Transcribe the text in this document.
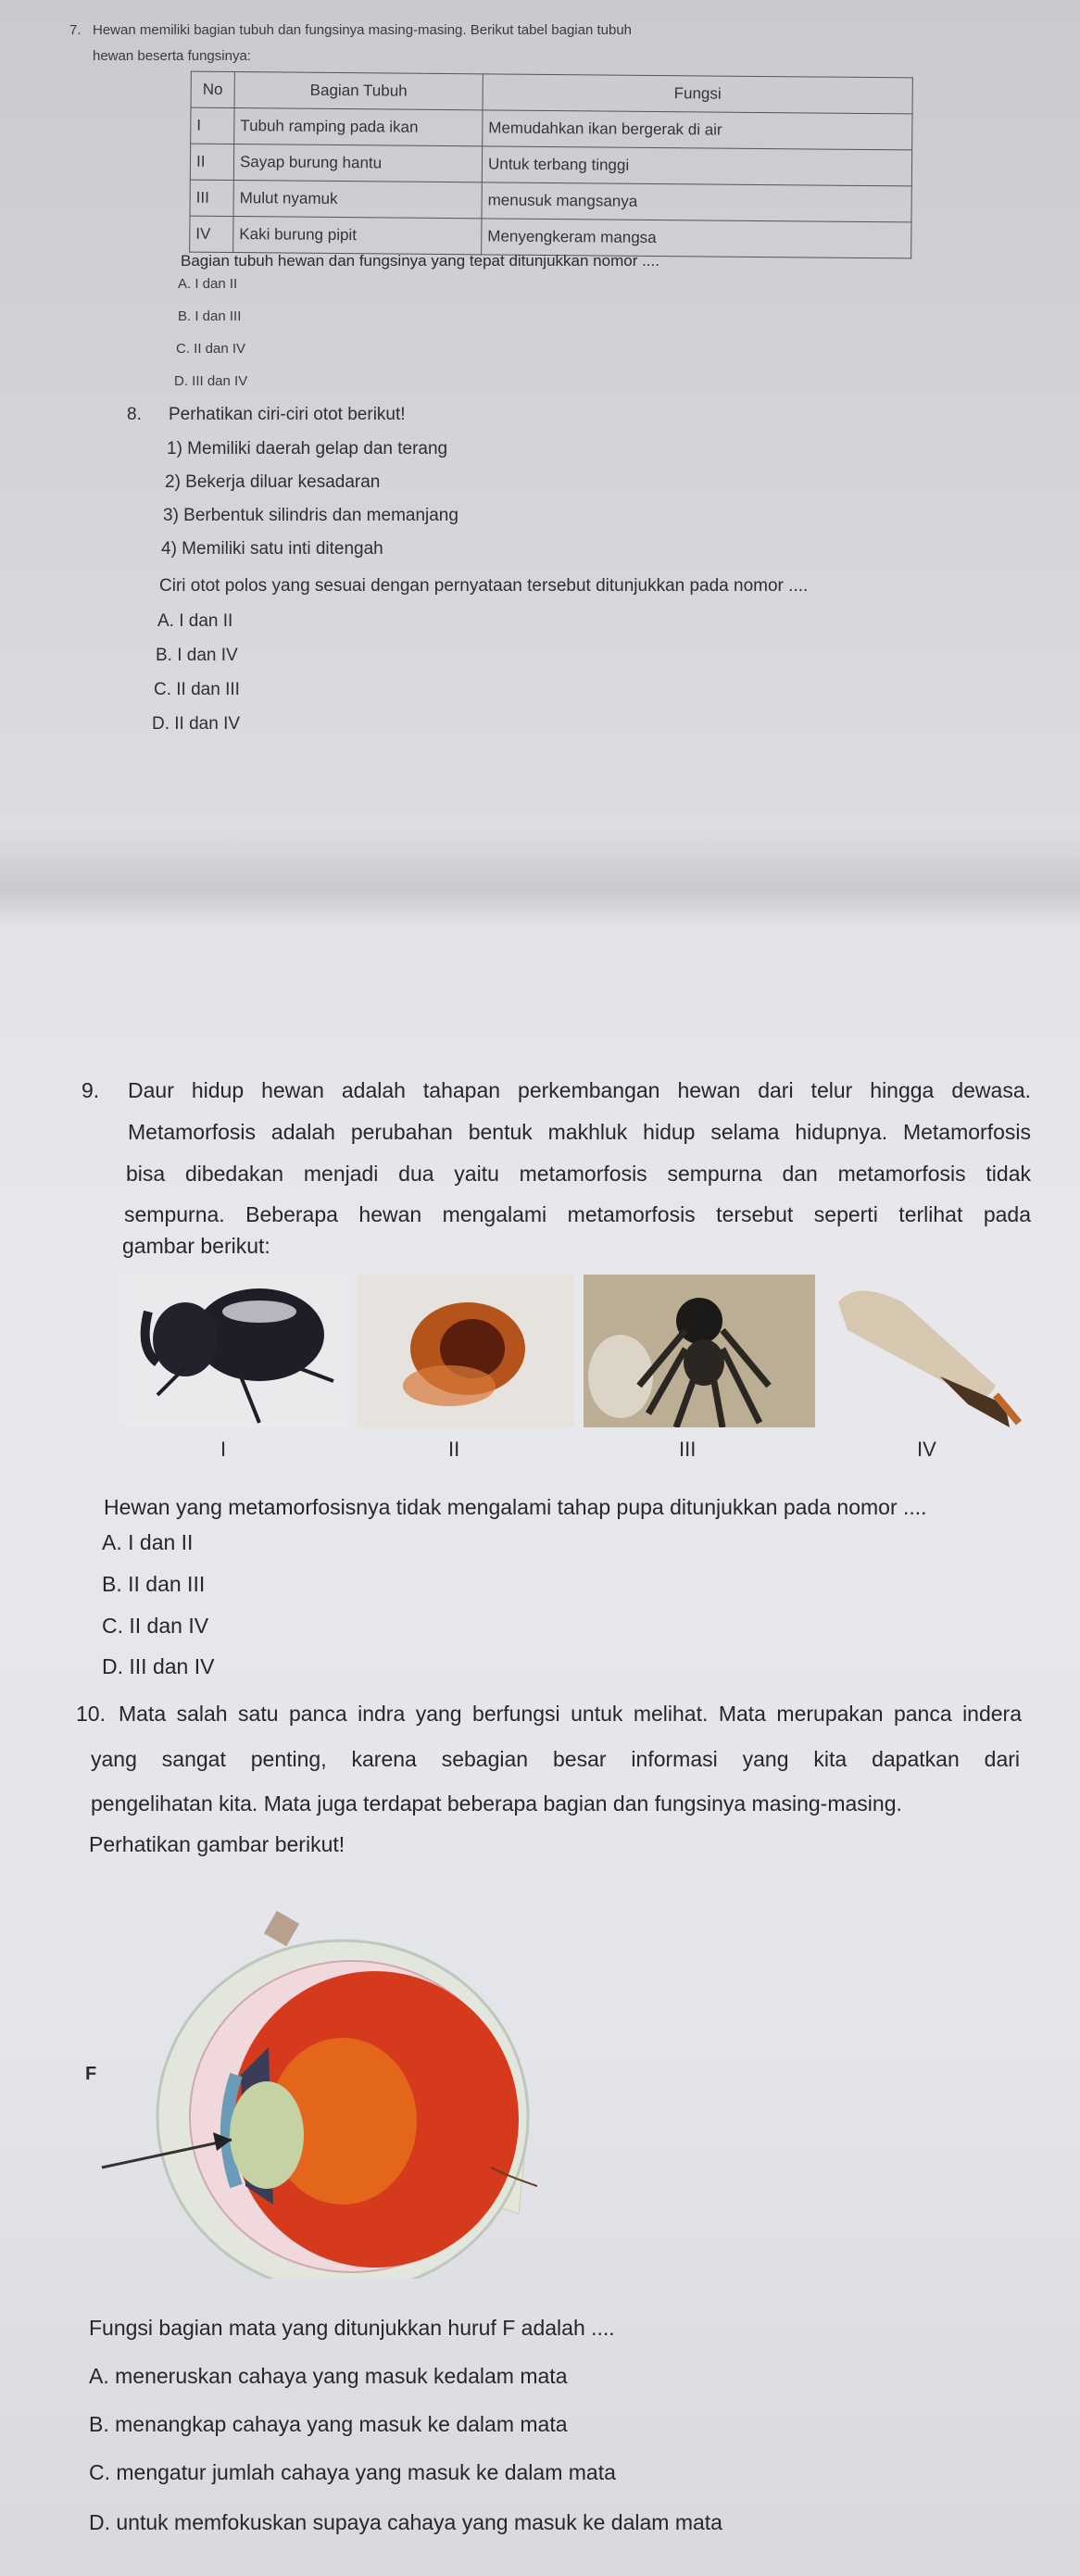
7. Hewan memiliki bagian tubuh dan fungsinya masing-masing. Berikut tabel bagian tubuh
hewan beserta fungsinya:
No	Bagian Tubuh	Fungsi
I	Tubuh ramping pada ikan	Memudahkan ikan bergerak di air
II	Sayap burung hantu	Untuk terbang tinggi
III	Mulut nyamuk	menusuk mangsanya
IV	Kaki burung pipit	Menyengkeram mangsa
Bagian tubuh hewan dan fungsinya yang tepat ditunjukkan nomor ....
A. I dan II
B. I dan III
C. II dan IV
D. III dan IV
8. Perhatikan ciri-ciri otot berikut!
1) Memiliki daerah gelap dan terang
2) Bekerja diluar kesadaran
3) Berbentuk silindris dan memanjang
4) Memiliki satu inti ditengah
Ciri otot polos yang sesuai dengan pernyataan tersebut ditunjukkan pada nomor ....
A. I dan II
B. I dan IV
C. II dan III
D. II dan IV
9. Daur hidup hewan adalah tahapan perkembangan hewan dari telur hingga dewasa.
Metamorfosis adalah perubahan bentuk makhluk hidup selama hidupnya. Metamorfosis
bisa dibedakan menjadi dua yaitu metamorfosis sempurna dan metamorfosis tidak
sempurna. Beberapa hewan mengalami metamorfosis tersebut seperti terlihat pada
gambar berikut:
I	II	III	IV
Hewan yang metamorfosisnya tidak mengalami tahap pupa ditunjukkan pada nomor ....
A. I dan II
B. II dan III
C. II dan IV
D. III dan IV
10. Mata salah satu panca indra yang berfungsi untuk melihat. Mata merupakan panca indera
yang sangat penting, karena sebagian besar informasi yang kita dapatkan dari
pengelihatan kita. Mata juga terdapat beberapa bagian dan fungsinya masing-masing.
Perhatikan gambar berikut!
F
Fungsi bagian mata yang ditunjukkan huruf F adalah ....
A. meneruskan cahaya yang masuk kedalam mata
B. menangkap cahaya yang masuk ke dalam mata
C. mengatur jumlah cahaya yang masuk ke dalam mata
D. untuk memfokuskan supaya cahaya yang masuk ke dalam mata
